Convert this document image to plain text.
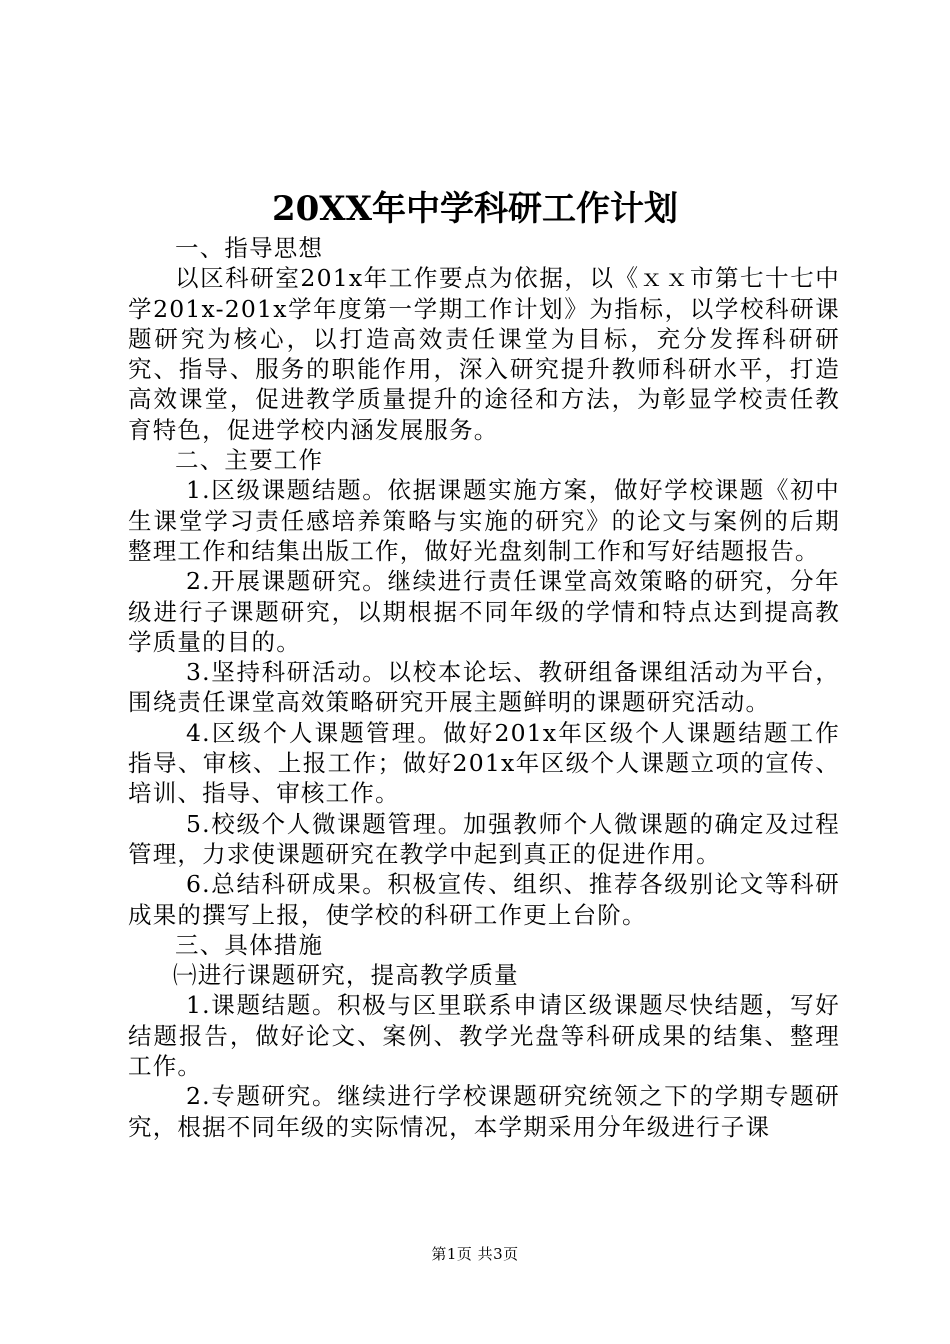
20XX年中学科研工作计划

一、指导思想

以区科研室201x年工作要点为依据，以《ｘｘ市第七十七中学201x-201x学年度第一学期工作计划》为指标，以学校科研课题研究为核心，以打造高效责任课堂为目标，充分发挥科研研究、指导、服务的职能作用，深入研究提升教师科研水平，打造高效课堂，促进教学质量提升的途径和方法，为彰显学校责任教育特色，促进学校内涵发展服务。

二、主要工作

1.区级课题结题。依据课题实施方案，做好学校课题《初中生课堂学习责任感培养策略与实施的研究》的论文与案例的后期整理工作和结集出版工作，做好光盘刻制工作和写好结题报告。

2.开展课题研究。继续进行责任课堂高效策略的研究，分年级进行子课题研究，以期根据不同年级的学情和特点达到提高教学质量的目的。

3.坚持科研活动。以校本论坛、教研组备课组活动为平台，围绕责任课堂高效策略研究开展主题鲜明的课题研究活动。

4.区级个人课题管理。做好201x年区级个人课题结题工作指导、审核、上报工作；做好201x年区级个人课题立项的宣传、培训、指导、审核工作。

5.校级个人微课题管理。加强教师个人微课题的确定及过程管理，力求使课题研究在教学中起到真正的促进作用。

6.总结科研成果。积极宣传、组织、推荐各级别论文等科研成果的撰写上报，使学校的科研工作更上台阶。

三、具体措施

㈠进行课题研究，提高教学质量

1.课题结题。积极与区里联系申请区级课题尽快结题，写好结题报告，做好论文、案例、教学光盘等科研成果的结集、整理工作。

2.专题研究。继续进行学校课题研究统领之下的学期专题研究，根据不同年级的实际情况，本学期采用分年级进行子课

第1页 共3页
